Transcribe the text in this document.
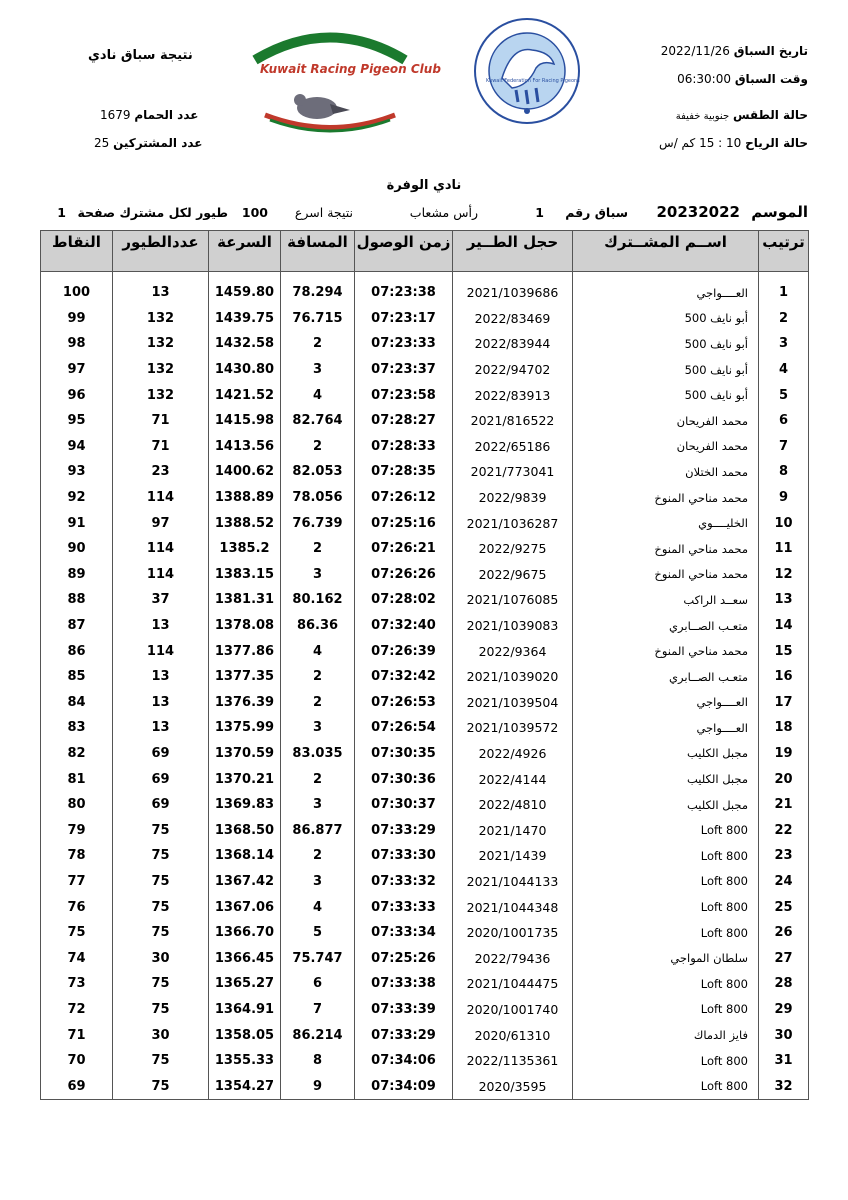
تاريخ السباق 2022/11/26
وقت السباق 06:30:00
حالة الطقس جنوبية خفيفة
حالة الرياح 10 : 15 كم /س
Kuwait Federation For Racing Pigeons
Kuwait Racing Pigeon Club
نتيجة سباق نادي
عدد الحمام 1679
عدد المشتركين 25
نادي الوفرة
الموسم
20232022
سباق رقم
1
رأس مشعاب
نتيجة اسرع
100
طيور لكل مشترك صفحة
1
ترتيب	اســم المشــترك	حجل الطــير	زمن الوصول	المسافة	السرعة	عددالطيور	النقاط

1	العــــواجي	2021/1039686	07:23:38	78.294	1459.80	13	100
2	أبو نايف 500	2022/83469	07:23:17	76.715	1439.75	132	99
3	أبو نايف 500	2022/83944	07:23:33	2	1432.58	132	98
4	أبو نايف 500	2022/94702	07:23:37	3	1430.80	132	97
5	أبو نايف 500	2022/83913	07:23:58	4	1421.52	132	96
6	محمد الفريحان	2021/816522	07:28:27	82.764	1415.98	71	95
7	محمد الفريحان	2022/65186	07:28:33	2	1413.56	71	94
8	محمد الختلان	2021/773041	07:28:35	82.053	1400.62	23	93
9	محمد مناحي المنوخ	2022/9839	07:26:12	78.056	1388.89	114	92
10	الخليــــوي	2021/1036287	07:25:16	76.739	1388.52	97	91
11	محمد مناحي المنوخ	2022/9275	07:26:21	2	1385.2	114	90
12	محمد مناحي المنوخ	2022/9675	07:26:26	3	1383.15	114	89
13	سعــد الراكب	2021/1076085	07:28:02	80.162	1381.31	37	88
14	متعـب الصــابري	2021/1039083	07:32:40	86.36	1378.08	13	87
15	محمد مناحي المنوخ	2022/9364	07:26:39	4	1377.86	114	86
16	متعـب الصــابري	2021/1039020	07:32:42	2	1377.35	13	85
17	العــــواجي	2021/1039504	07:26:53	2	1376.39	13	84
18	العــــواجي	2021/1039572	07:26:54	3	1375.99	13	83
19	مجبل الكليب	2022/4926	07:30:35	83.035	1370.59	69	82
20	مجبل الكليب	2022/4144	07:30:36	2	1370.21	69	81
21	مجبل الكليب	2022/4810	07:30:37	3	1369.83	69	80
22	Loft 800	2021/1470	07:33:29	86.877	1368.50	75	79
23	Loft 800	2021/1439	07:33:30	2	1368.14	75	78
24	Loft 800	2021/1044133	07:33:32	3	1367.42	75	77
25	Loft 800	2021/1044348	07:33:33	4	1367.06	75	76
26	Loft 800	2020/1001735	07:33:34	5	1366.70	75	75
27	سلطان المواجي	2022/79436	07:25:26	75.747	1366.45	30	74
28	Loft 800	2021/1044475	07:33:38	6	1365.27	75	73
29	Loft 800	2020/1001740	07:33:39	7	1364.91	75	72
30	فايز الدماك	2020/61310	07:33:29	86.214	1358.05	30	71
31	Loft 800	2022/1135361	07:34:06	8	1355.33	75	70
32	Loft 800	2020/3595	07:34:09	9	1354.27	75	69
